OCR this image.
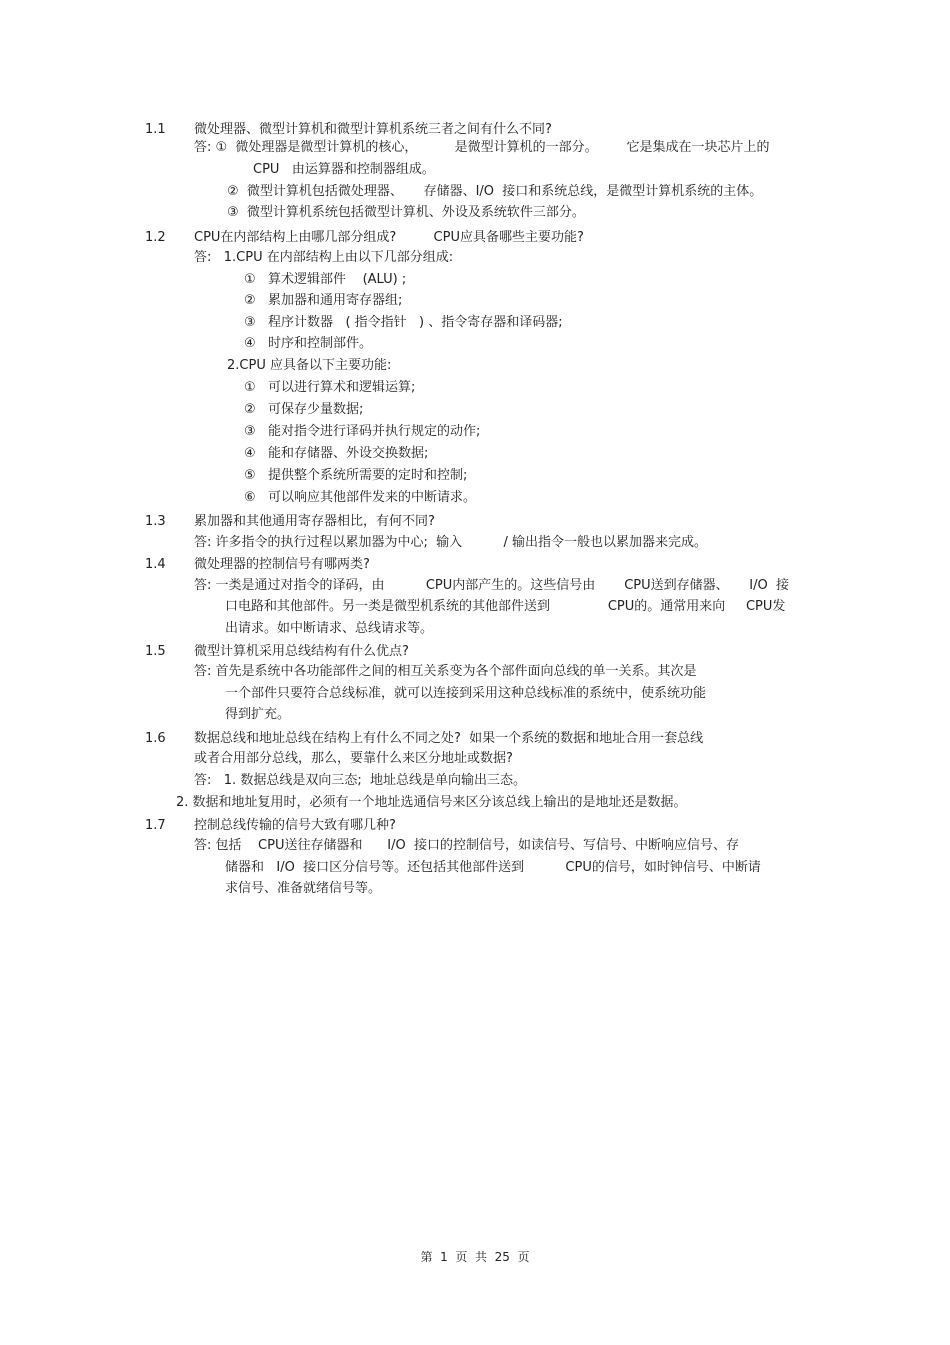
1.1 微处理器、微型计算机和微型计算机系统三者之间有什么不同?
答: ①  微处理器是微型计算机的核心，         是微型计算机的一部分。       它是集成在一块芯片上的
CPU   由运算器和控制器组成。
②  微型计算机包括微处理器、     存储器、I/O  接口和系统总线，是微型计算机系统的主体。
③  微型计算机系统包括微型计算机、外设及系统软件三部分。
1.2 CPU在内部结构上由哪几部分组成?         CPU应具备哪些主要功能?
答:   1.CPU 在内部结构上由以下几部分组成:
①   算术逻辑部件    (ALU) ;
②   累加器和通用寄存器组;
③   程序计数器   ( 指令指针   ) 、指令寄存器和译码器;
④   时序和控制部件。
2.CPU 应具备以下主要功能:
①   可以进行算术和逻辑运算;
②   可保存少量数据;
③   能对指令进行译码并执行规定的动作;
④   能和存储器、外设交换数据;
⑤   提供整个系统所需要的定时和控制;
⑥   可以响应其他部件发来的中断请求。
1.3 累加器和其他通用寄存器相比，有何不同?
答: 许多指令的执行过程以累加器为中心;  输入          / 输出指令一般也以累加器来完成。
1.4 微处理器的控制信号有哪两类?
答: 一类是通过对指令的译码，由          CPU内部产生的。这些信号由       CPU送到存储器、     I/O  接
口电路和其他部件。另一类是微型机系统的其他部件送到              CPU的。通常用来向     CPU发
出请求。如中断请求、总线请求等。
1.5 微型计算机采用总线结构有什么优点?
答: 首先是系统中各功能部件之间的相互关系变为各个部件面向总线的单一关系。其次是
一个部件只要符合总线标准，就可以连接到采用这种总线标准的系统中，使系统功能
得到扩充。
1.6 数据总线和地址总线在结构上有什么不同之处?  如果一个系统的数据和地址合用一套总线
或者合用部分总线，那么，要靠什么来区分地址或数据?
答:   1. 数据总线是双向三态;  地址总线是单向输出三态。
2. 数据和地址复用时，必须有一个地址选通信号来区分该总线上输出的是地址还是数据。
1.7 控制总线传输的信号大致有哪几种?
答: 包括    CPU送往存储器和      I/O  接口的控制信号，如读信号、写信号、中断响应信号、存
储器和   I/O  接口区分信号等。还包括其他部件送到          CPU的信号，如时钟信号、中断请
求信号、准备就绪信号等。
第  1  页  共  25  页
